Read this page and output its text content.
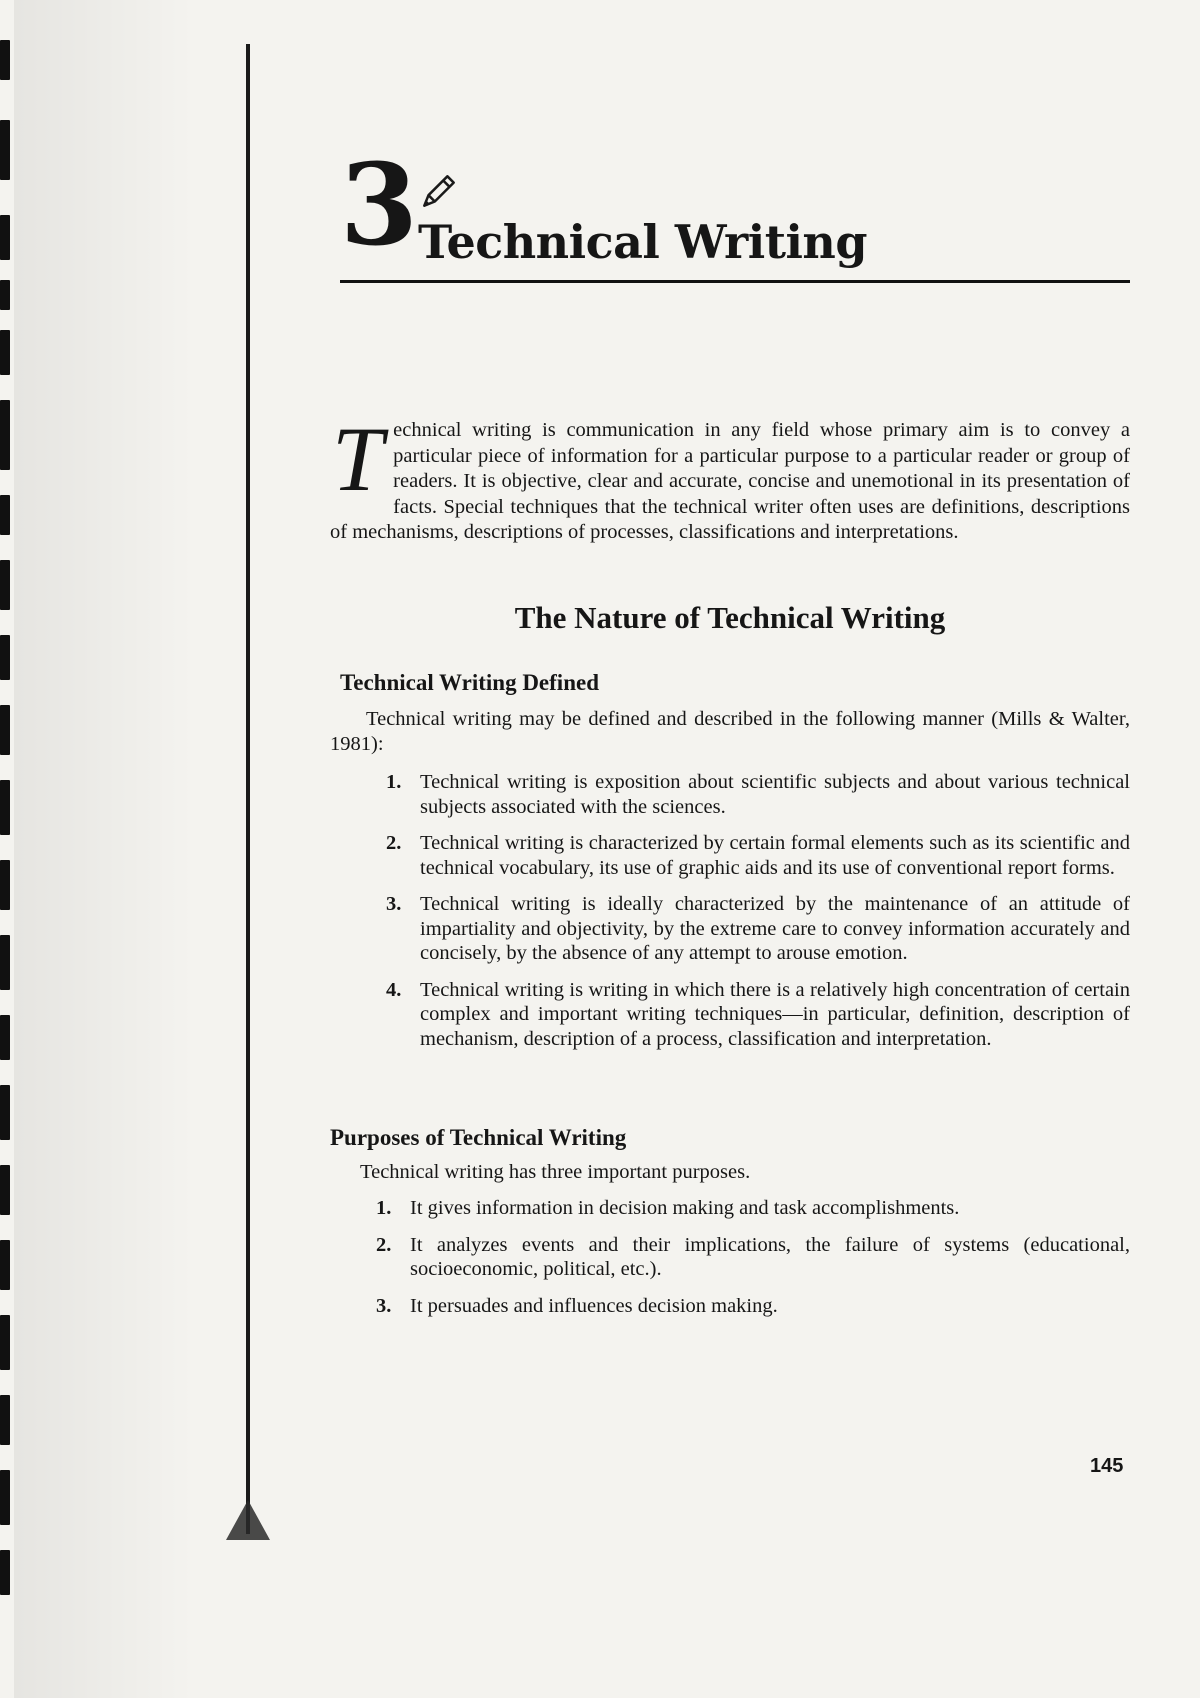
3 Technical Writing
Technical writing is communication in any field whose primary aim is to convey a particular piece of information for a particular purpose to a particular reader or group of readers. It is objective, clear and accurate, concise and unemotional in its presentation of facts. Special techniques that the technical writer often uses are definitions, descriptions of mechanisms, descriptions of processes, classifications and interpretations.
The Nature of Technical Writing
Technical Writing Defined
Technical writing may be defined and described in the following manner (Mills & Walter, 1981):
1. Technical writing is exposition about scientific subjects and about various technical subjects associated with the sciences.
2. Technical writing is characterized by certain formal elements such as its scientific and technical vocabulary, its use of graphic aids and its use of conventional report forms.
3. Technical writing is ideally characterized by the maintenance of an attitude of impartiality and objectivity, by the extreme care to convey information accurately and concisely, by the absence of any attempt to arouse emotion.
4. Technical writing is writing in which there is a relatively high concentration of certain complex and important writing techniques—in particular, definition, description of mechanism, description of a process, classification and interpretation.
Purposes of Technical Writing
Technical writing has three important purposes.
1. It gives information in decision making and task accomplishments.
2. It analyzes events and their implications, the failure of systems (educational, socioeconomic, political, etc.).
3. It persuades and influences decision making.
145
